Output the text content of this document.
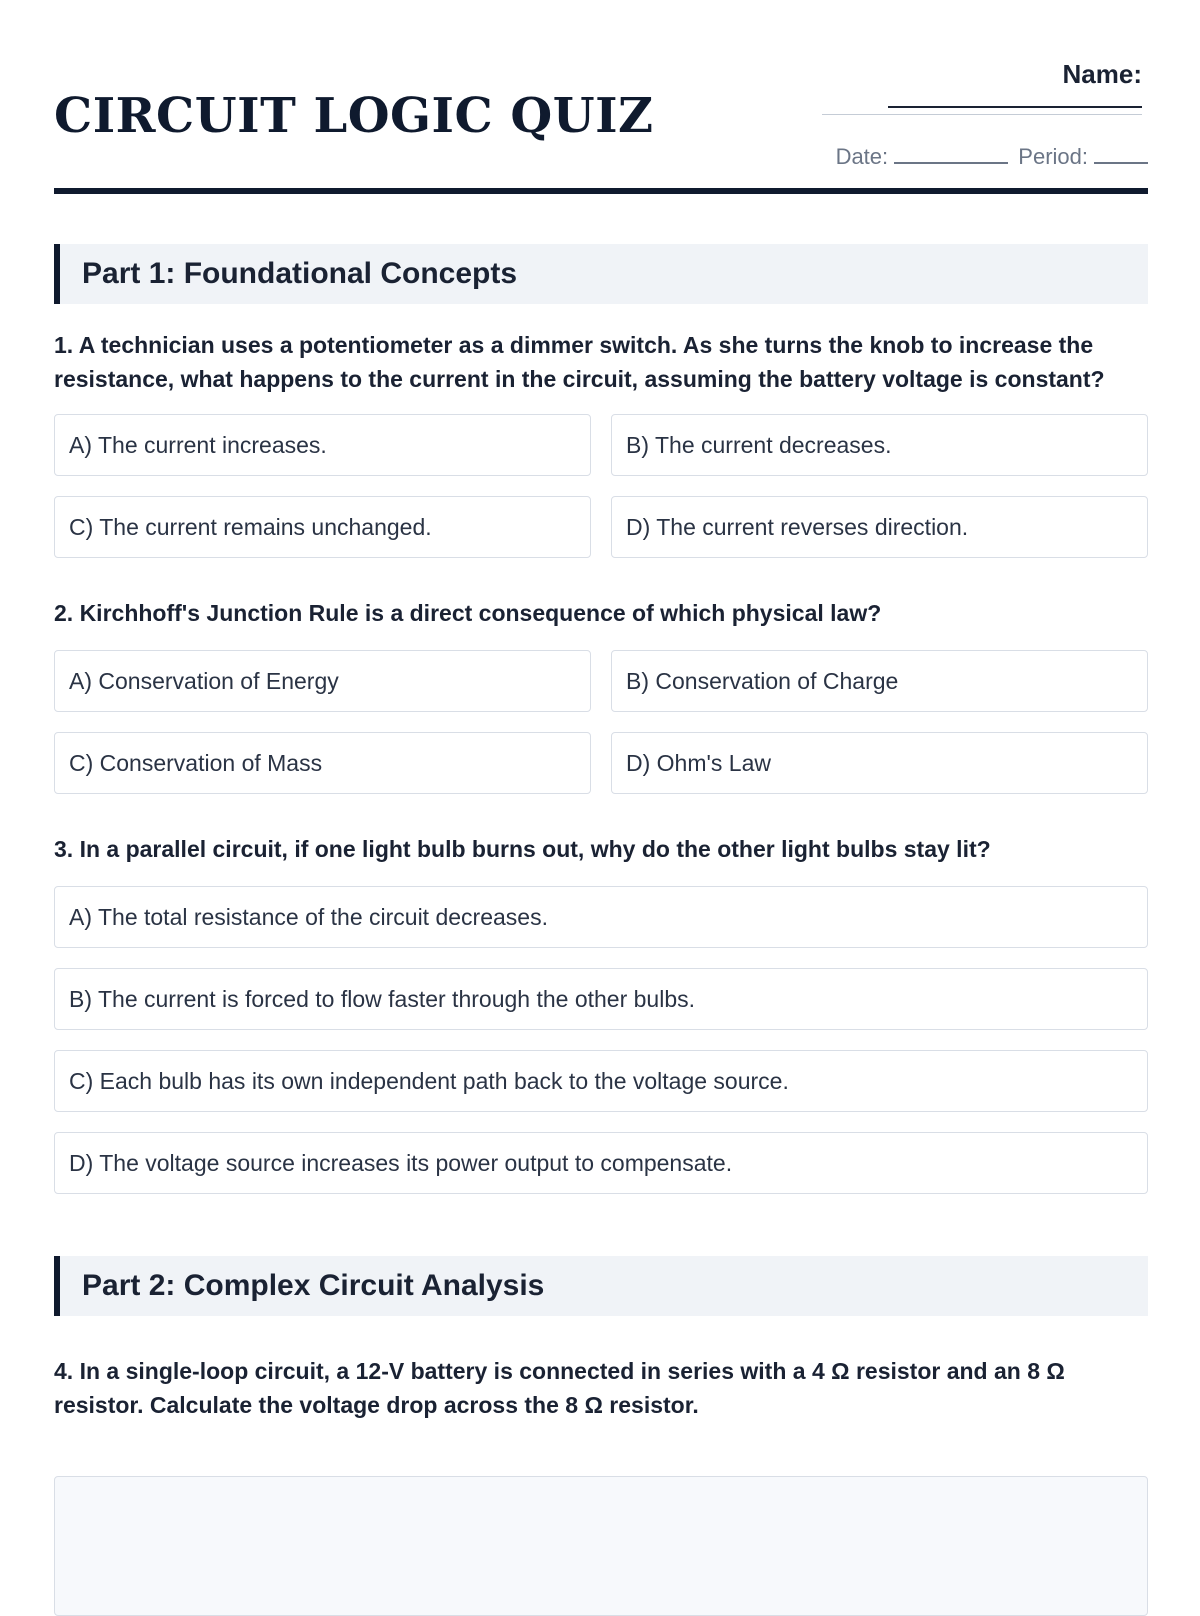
CIRCUIT LOGIC QUIZ
Name:
Date:	Period:
Part 1: Foundational Concepts
1. A technician uses a potentiometer as a dimmer switch. As she turns the knob to increase the resistance, what happens to the current in the circuit, assuming the battery voltage is constant?
A) The current increases.	B) The current decreases.
C) The current remains unchanged.	D) The current reverses direction.
2. Kirchhoff's Junction Rule is a direct consequence of which physical law?
A) Conservation of Energy	B) Conservation of Charge
C) Conservation of Mass	D) Ohm's Law
3. In a parallel circuit, if one light bulb burns out, why do the other light bulbs stay lit?
A) The total resistance of the circuit decreases.
B) The current is forced to flow faster through the other bulbs.
C) Each bulb has its own independent path back to the voltage source.
D) The voltage source increases its power output to compensate.
Part 2: Complex Circuit Analysis
4. In a single-loop circuit, a 12-V battery is connected in series with a 4 Ω resistor and an 8 Ω resistor. Calculate the voltage drop across the 8 Ω resistor.
